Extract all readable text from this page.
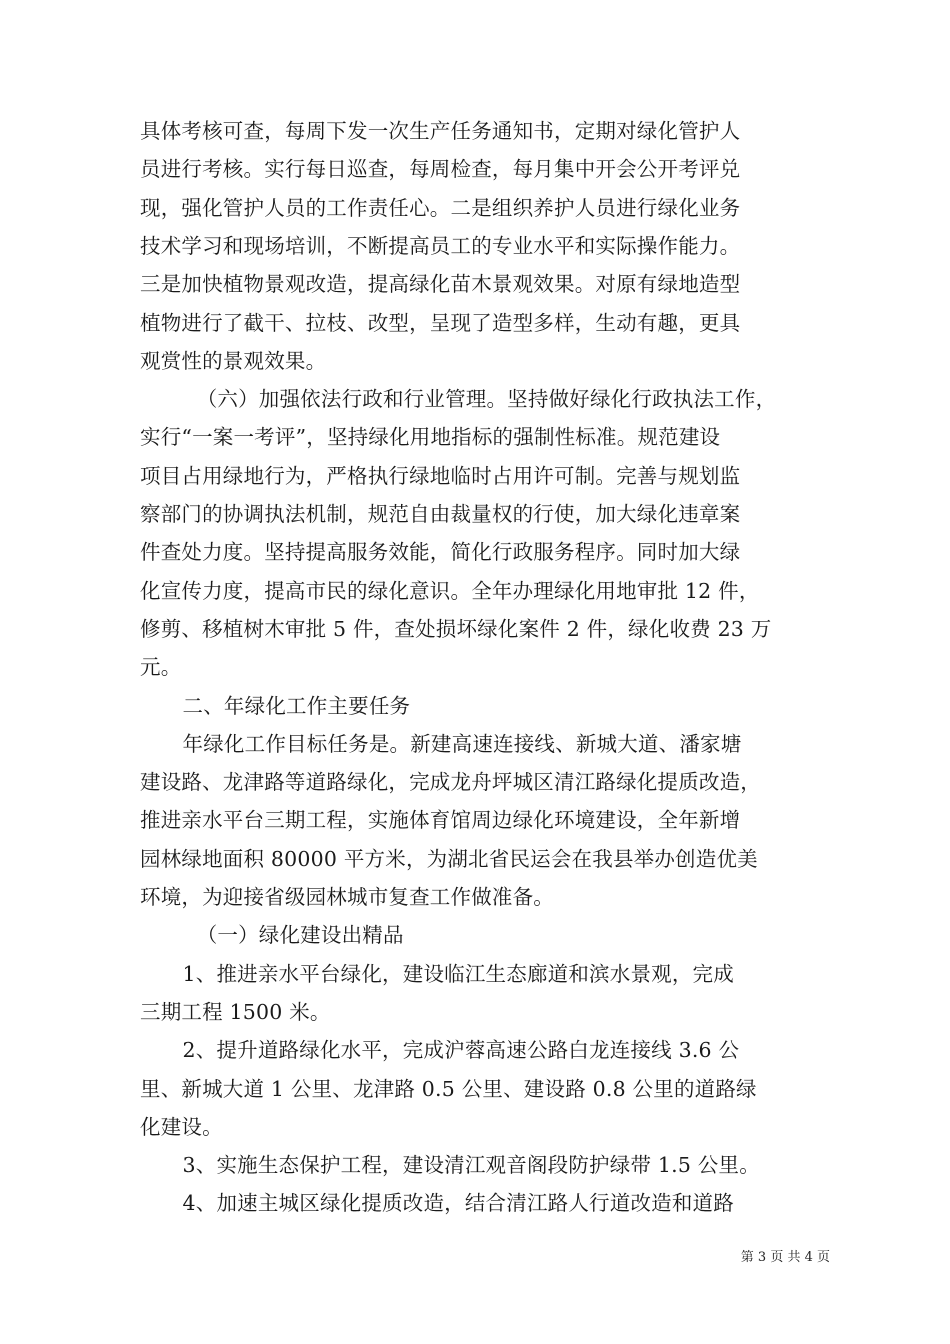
具体考核可查，每周下发一次生产任务通知书，定期对绿化管护人
员进行考核。实行每日巡查，每周检查，每月集中开会公开考评兑
现，强化管护人员的工作责任心。二是组织养护人员进行绿化业务
技术学习和现场培训，不断提高员工的专业水平和实际操作能力。
三是加快植物景观改造，提高绿化苗木景观效果。对原有绿地造型
植物进行了截干、拉枝、改型，呈现了造型多样，生动有趣，更具
观赏性的景观效果。
（六）加强依法行政和行业管理。坚持做好绿化行政执法工作，
实行“一案一考评”，坚持绿化用地指标的强制性标准。规范建设
项目占用绿地行为，严格执行绿地临时占用许可制。完善与规划监
察部门的协调执法机制，规范自由裁量权的行使，加大绿化违章案
件查处力度。坚持提高服务效能，简化行政服务程序。同时加大绿
化宣传力度，提高市民的绿化意识。全年办理绿化用地审批 12 件，
修剪、移植树木审批 5 件，查处损坏绿化案件 2 件，绿化收费 23 万
元。
二、年绿化工作主要任务
年绿化工作目标任务是。新建高速连接线、新城大道、潘家塘
建设路、龙津路等道路绿化，完成龙舟坪城区清江路绿化提质改造，
推进亲水平台三期工程，实施体育馆周边绿化环境建设，全年新增
园林绿地面积 80000 平方米，为湖北省民运会在我县举办创造优美
环境，为迎接省级园林城市复查工作做准备。
（一）绿化建设出精品
1、推进亲水平台绿化，建设临江生态廊道和滨水景观，完成
三期工程 1500 米。
2、提升道路绿化水平，完成沪蓉高速公路白龙连接线 3.6 公
里、新城大道 1 公里、龙津路 0.5 公里、建设路 0.8 公里的道路绿
化建设。
3、实施生态保护工程，建设清江观音阁段防护绿带 1.5 公里。
4、加速主城区绿化提质改造，结合清江路人行道改造和道路
第 3 页 共 4 页
